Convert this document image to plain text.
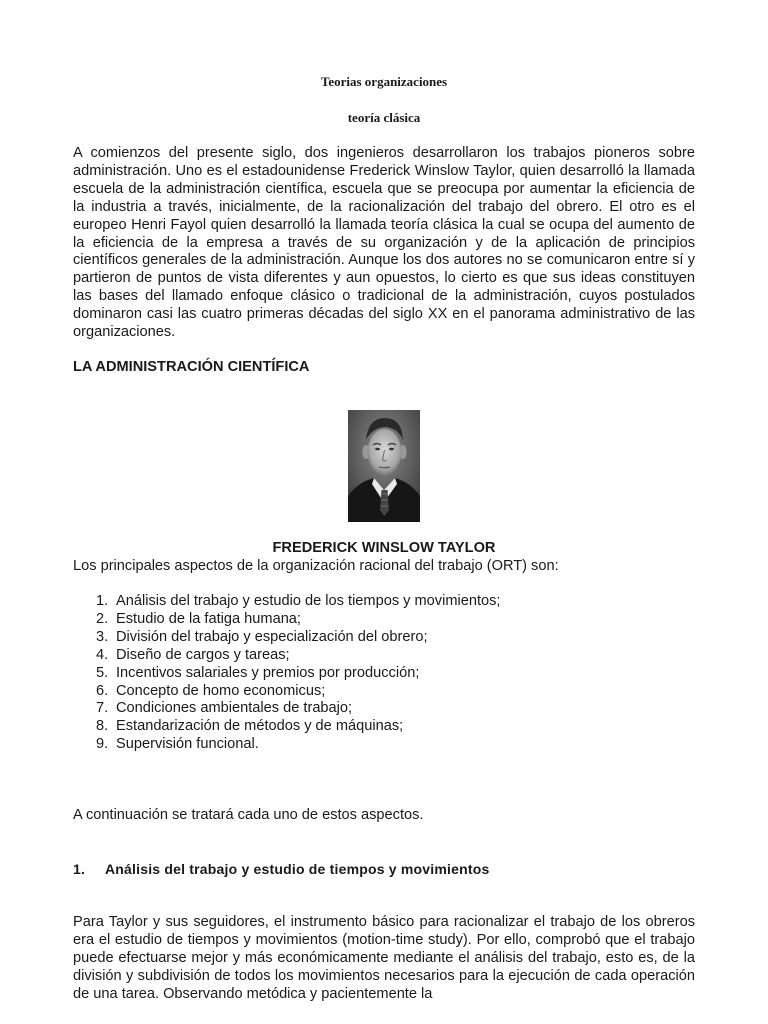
Teorias organizaciones
teoría clásica

A comienzos del presente siglo, dos ingenieros desarrollaron los trabajos pioneros sobre administración. Uno es el estadounidense Frederick Winslow Taylor, quien desarrolló la llamada escuela de la administración científica, escuela que se preocupa por aumentar la eficiencia de la industria a través, inicialmente, de la racionalización del trabajo del obrero. El otro es el europeo Henri Fayol quien desarrolló la llamada teoría clásica la cual se ocupa del aumento de la eficiencia de la empresa a través de su organización y de la aplicación de principios científicos generales de la administración. Aunque los dos autores no se comunicaron entre sí y partieron de puntos de vista diferentes y aun opuestos, lo cierto es que sus ideas constituyen las bases del llamado enfoque clásico o tradicional de la administración, cuyos postulados dominaron casi las cuatro primeras décadas del siglo XX en el panorama administrativo de las organizaciones.

LA ADMINISTRACIÓN CIENTÍFICA
FREDERICK WINSLOW TAYLOR
Los principales aspectos de la organización racional del trabajo (ORT) son:
1. Análisis del trabajo y estudio de los tiempos y movimientos;
2. Estudio de la fatiga humana;
3. División del trabajo y especialización del obrero;
4. Diseño de cargos y tareas;
5. Incentivos salariales y premios por producción;
6. Concepto de homo economicus;
7. Condiciones ambientales de trabajo;
8. Estandarización de métodos y de máquinas;
9. Supervisión funcional.
A continuación se tratará cada uno de estos aspectos.
1. Análisis del trabajo y estudio de tiempos y movimientos

Para Taylor y sus seguidores, el instrumento básico para racionalizar el trabajo de los obreros era el estudio de tiempos y movimientos (motion-time study). Por ello, comprobó que el trabajo puede efectuarse mejor y más económicamente mediante el análisis del trabajo, esto es, de la división y subdivisión de todos los movimientos necesarios para la ejecución de cada operación de una tarea. Observando metódica y pacientemente la
